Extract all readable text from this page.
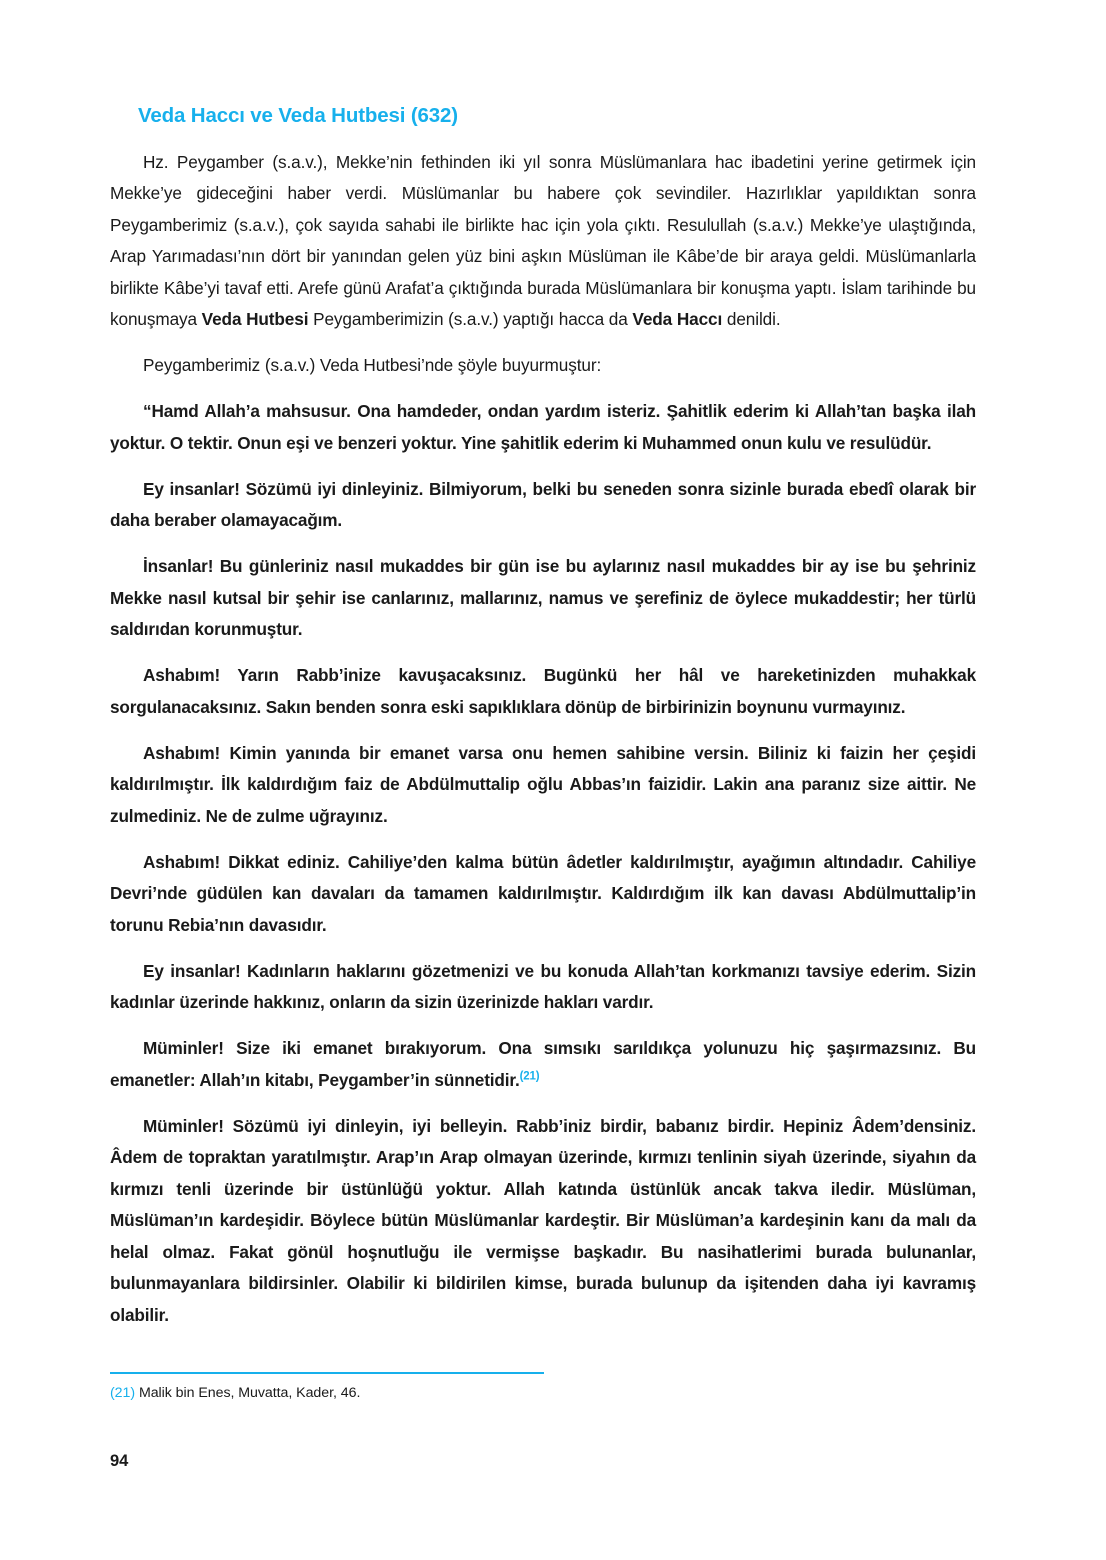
Veda Haccı ve Veda Hutbesi (632)

Hz. Peygamber (s.a.v.), Mekke’nin fethinden iki yıl sonra Müslümanlara hac ibadetini yerine getirmek için Mekke’ye gideceğini haber verdi. Müslümanlar bu habere çok sevindiler. Hazırlıklar yapıldıktan sonra Peygamberimiz (s.a.v.), çok sayıda sahabi ile birlikte hac için yola çıktı. Resulullah (s.a.v.) Mekke’ye ulaştığında, Arap Yarımadası’nın dört bir yanından gelen yüz bini aşkın Müslüman ile Kâbe’de bir araya geldi. Müslümanlarla birlikte Kâbe’yi tavaf etti. Arefe günü Arafat’a çıktığında burada Müslümanlara bir konuşma yaptı. İslam tarihinde bu konuşmaya Veda Hutbesi Peygamberimizin (s.a.v.) yaptığı hacca da Veda Haccı denildi.

Peygamberimiz (s.a.v.) Veda Hutbesi’nde şöyle buyurmuştur:

“Hamd Allah’a mahsusur. Ona hamdeder, ondan yardım isteriz. Şahitlik ederim ki Allah’tan başka ilah yoktur. O tektir. Onun eşi ve benzeri yoktur. Yine şahitlik ederim ki Muhammed onun kulu ve resulüdür.

Ey insanlar! Sözümü iyi dinleyiniz. Bilmiyorum, belki bu seneden sonra sizinle burada ebedî olarak bir daha beraber olamayacağım.

İnsanlar! Bu günleriniz nasıl mukaddes bir gün ise bu aylarınız nasıl mukaddes bir ay ise bu şehriniz Mekke nasıl kutsal bir şehir ise canlarınız, mallarınız, namus ve şerefiniz de öylece mukaddestir; her türlü saldırıdan korunmuştur.

Ashabım! Yarın Rabb’inize kavuşacaksınız. Bugünkü her hâl ve hareketinizden muhakkak sorgulanacaksınız. Sakın benden sonra eski sapıklıklara dönüp de birbirinizin boynunu vurmayınız.

Ashabım! Kimin yanında bir emanet varsa onu hemen sahibine versin. Biliniz ki faizin her çeşidi kaldırılmıştır. İlk kaldırdığım faiz de Abdülmuttalip oğlu Abbas’ın faizidir. Lakin ana paranız size aittir. Ne zulmediniz. Ne de zulme uğrayınız.

Ashabım! Dikkat ediniz. Cahiliye’den kalma bütün âdetler kaldırılmıştır, ayağımın altındadır. Cahiliye Devri’nde güdülen kan davaları da tamamen kaldırılmıştır. Kaldırdığım ilk kan davası Abdülmuttalip’in torunu Rebia’nın davasıdır.

Ey insanlar! Kadınların haklarını gözetmenizi ve bu konuda Allah’tan korkmanızı tavsiye ederim. Sizin kadınlar üzerinde hakkınız, onların da sizin üzerinizde hakları vardır.

Müminler! Size iki emanet bırakıyorum. Ona sımsıkı sarıldıkça yolunuzu hiç şaşırmazsınız. Bu emanetler: Allah’ın kitabı, Peygamber’in sünnetidir.$^{(21)}$

Müminler! Sözümü iyi dinleyin, iyi belleyin. Rabb’iniz birdir, babanız birdir. Hepiniz Âdem’densiniz. Âdem de topraktan yaratılmıştır. Arap’ın Arap olmayan üzerinde, kırmızı tenlinin siyah üzerinde, siyahın da kırmızı tenli üzerinde bir üstünlüğü yoktur. Allah katında üstünlük ancak takva iledir. Müslüman, Müslüman’ın kardeşidir. Böylece bütün Müslümanlar kardeştir. Bir Müslüman’a kardeşinin kanı da malı da helal olmaz. Fakat gönül hoşnutluğu ile vermişse başkadır. Bu nasihatlerimi burada bulunanlar, bulunmayanlara bildirsinler. Olabilir ki bildirilen kimse, burada bulunup da işitenden daha iyi kavramış olabilir.

(21) Malik bin Enes, Muvatta, Kader, 46.
94
